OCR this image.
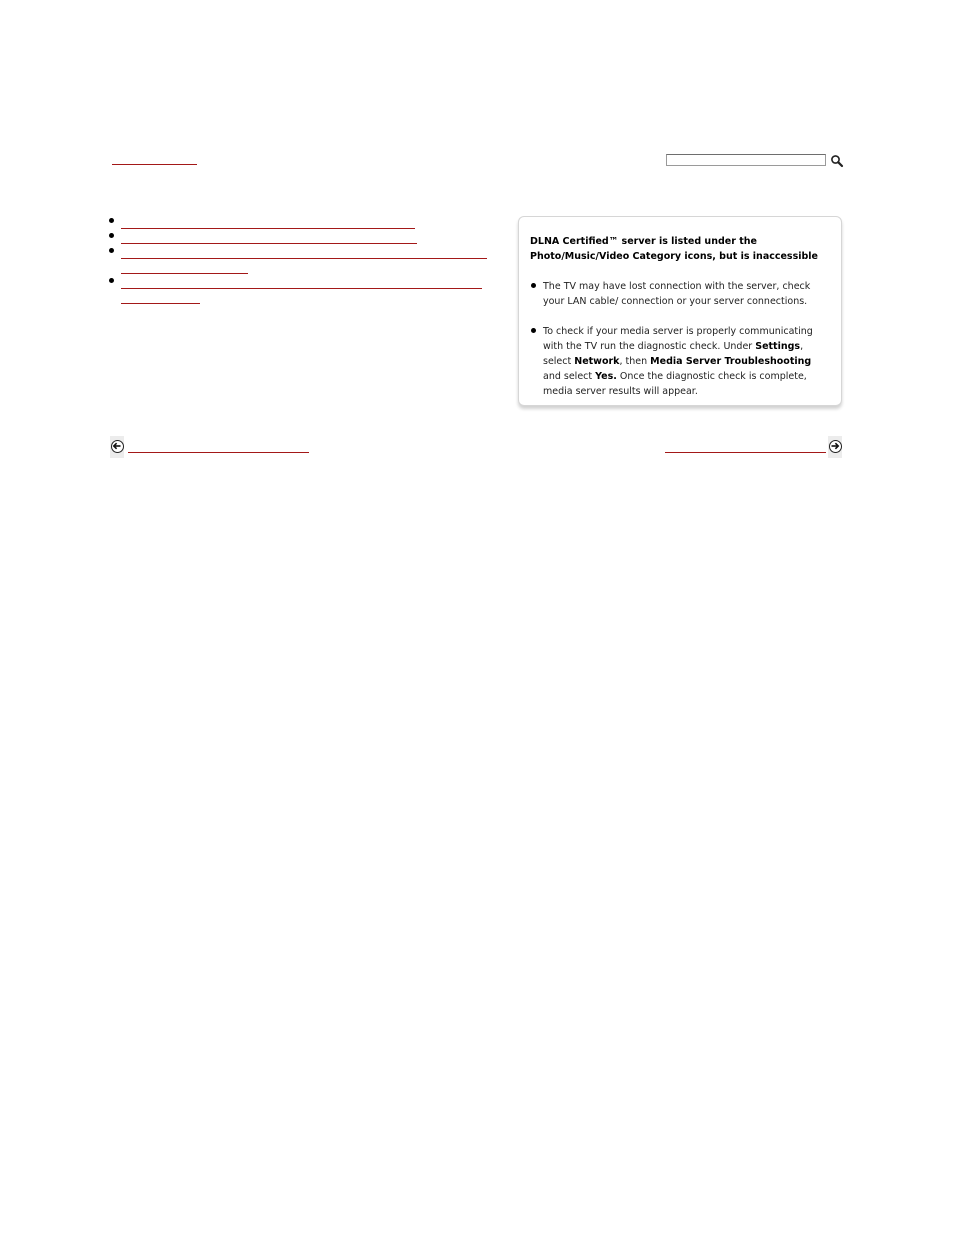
DLNA Certified™ server is listed under the Photo/Music/Video Category icons, but is inaccessible
The TV may have lost connection with the server, check your LAN cable/ connection or your server connections.
To check if your media server is properly communicating with the TV run the diagnostic check. Under Settings, select Network, then Media Server Troubleshooting and select Yes. Once the diagnostic check is complete, media server results will appear.
